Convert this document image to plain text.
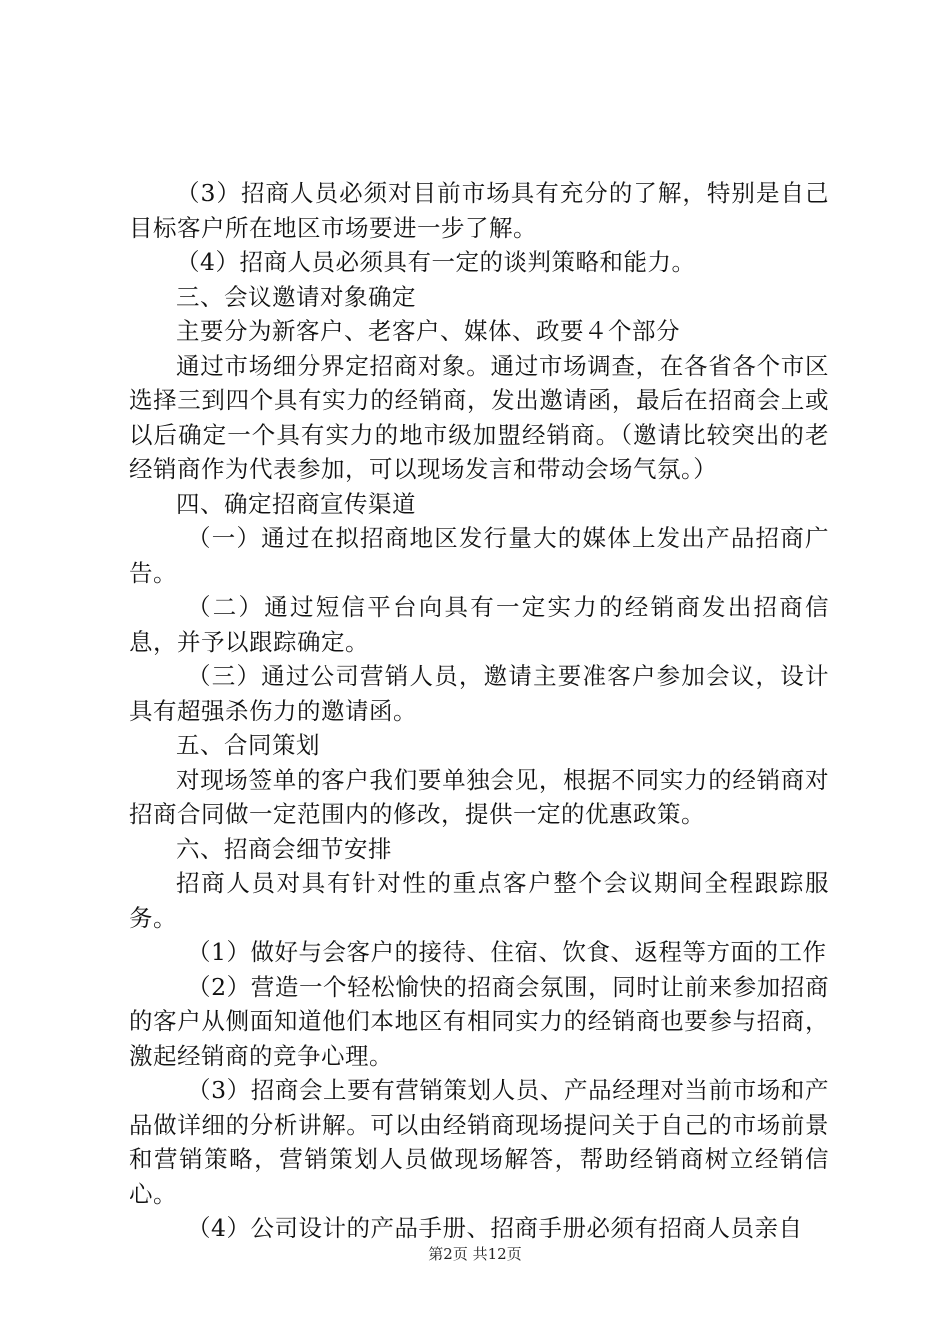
（3）招商人员必须对目前市场具有充分的了解，特别是自己目标客户所在地区市场要进一步了解。

（4）招商人员必须具有一定的谈判策略和能力。

三、会议邀请对象确定

主要分为新客户、老客户、媒体、政要４个部分

通过市场细分界定招商对象。通过市场调查，在各省各个市区选择三到四个具有实力的经销商，发出邀请函，最后在招商会上或以后确定一个具有实力的地市级加盟经销商。（邀请比较突出的老经销商作为代表参加，可以现场发言和带动会场气氛。）

四、确定招商宣传渠道

（一）通过在拟招商地区发行量大的媒体上发出产品招商广告。

（二）通过短信平台向具有一定实力的经销商发出招商信息，并予以跟踪确定。

（三）通过公司营销人员，邀请主要准客户参加会议，设计具有超强杀伤力的邀请函。

五、合同策划

对现场签单的客户我们要单独会见，根据不同实力的经销商对招商合同做一定范围内的修改，提供一定的优惠政策。

六、招商会细节安排

招商人员对具有针对性的重点客户整个会议期间全程跟踪服务。

（1）做好与会客户的接待、住宿、饮食、返程等方面的工作

（2）营造一个轻松愉快的招商会氛围，同时让前来参加招商的客户从侧面知道他们本地区有相同实力的经销商也要参与招商，激起经销商的竞争心理。

（3）招商会上要有营销策划人员、产品经理对当前市场和产品做详细的分析讲解。可以由经销商现场提问关于自己的市场前景和营销策略，营销策划人员做现场解答，帮助经销商树立经销信心。

（4）公司设计的产品手册、招商手册必须有招商人员亲自

第2页 共12页
